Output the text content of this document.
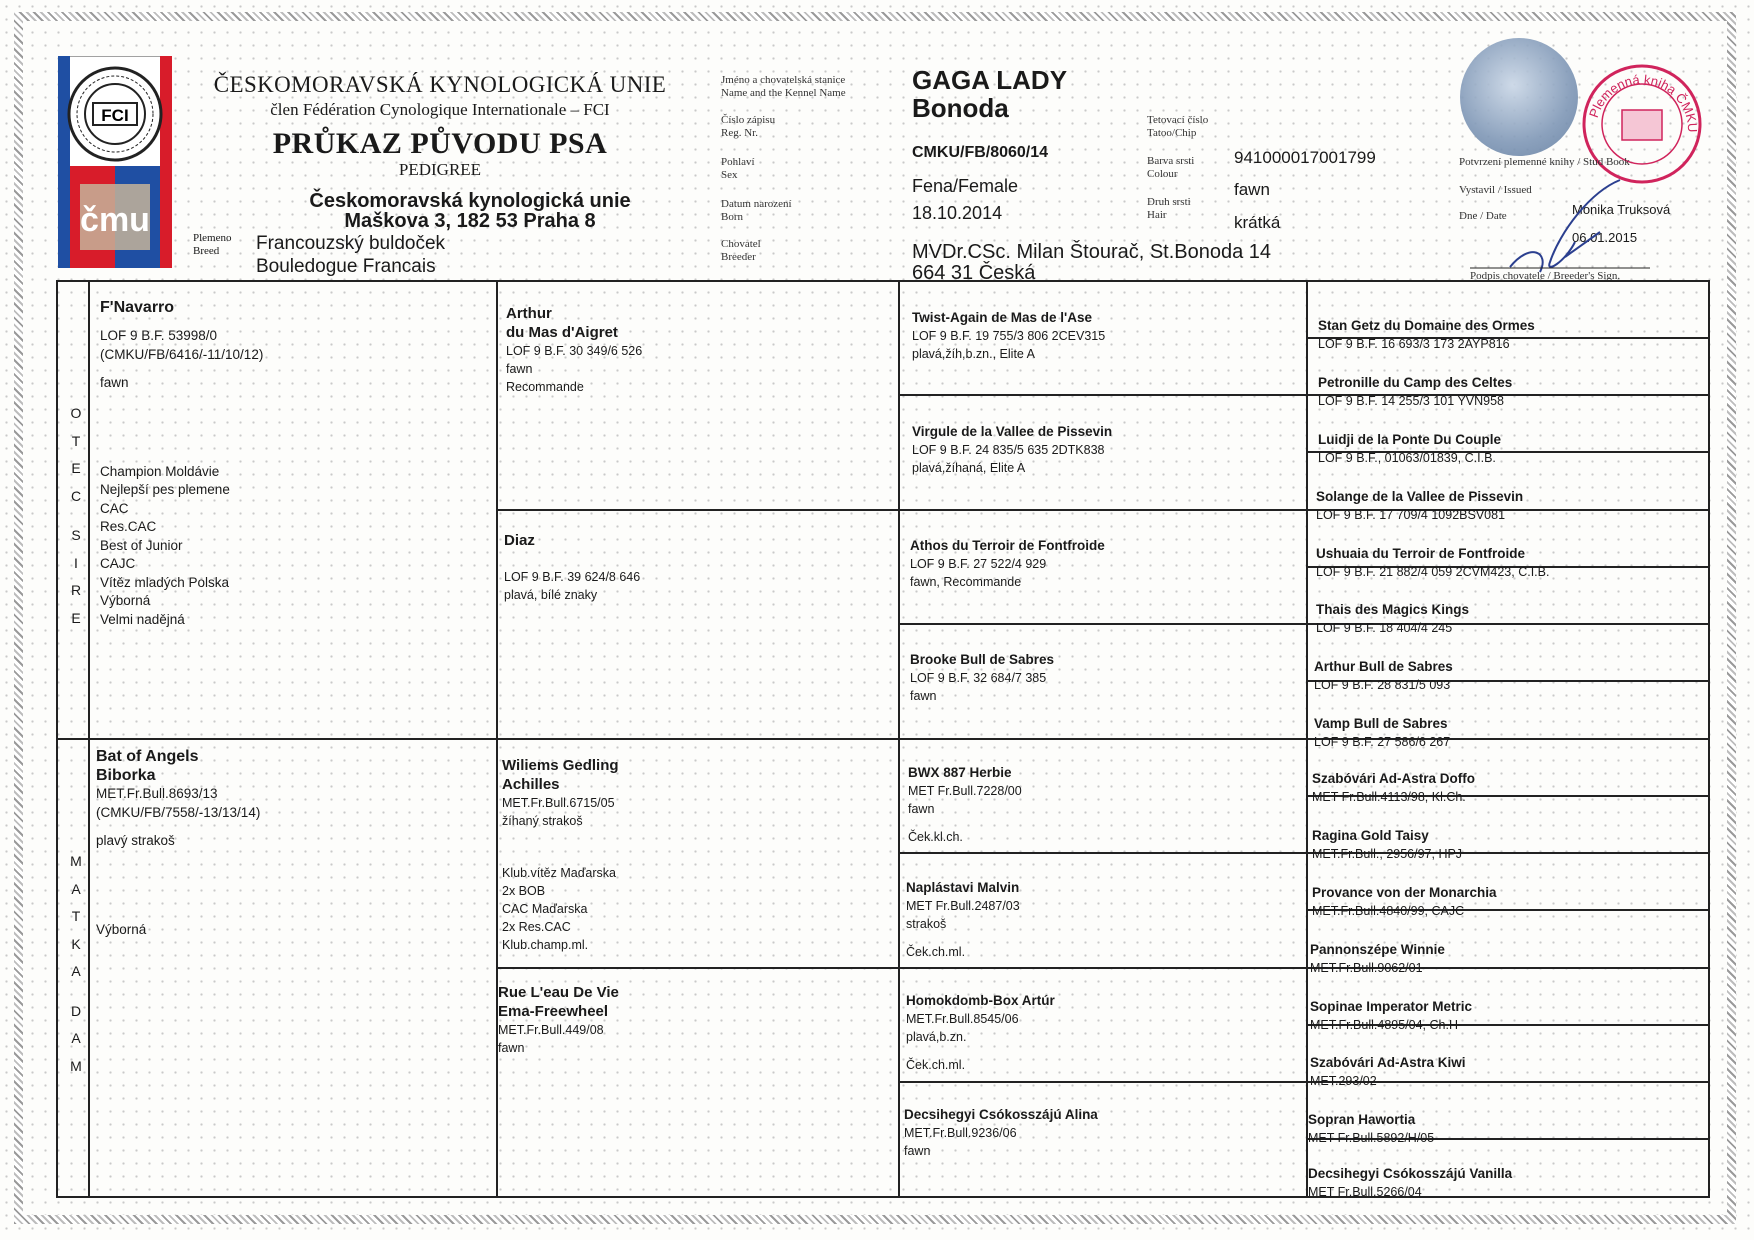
FCI
čmu
ČESKOMORAVSKÁ KYNOLOGICKÁ UNIE
člen Fédération Cynologique Internationale – FCI
PRŮKAZ PŮVODU PSA
PEDIGREE
Českomoravská kynologická unie
Maškova 3, 182 53 Praha 8
Plemeno
Breed	Francouzský buldoček
Bouledogue Francais
Jméno a chovatelská stanice
Name and the Kennel Name
Číslo zápisu
Reg. Nr.
Pohlaví
Sex
Datum narození
Born
Chovatel
Breeder
GAGA LADY
Bonoda
CMKU/FB/8060/14
Fena/Female
18.10.2014
MVDr.CSc. Milan Štourač, St.Bonoda 14
664 31 Česká
Tetovací číslo
Tatoo/Chip
Barva srsti
Colour
Druh srsti
Hair
941000017001799
fawn
krátká
Plemenná kniha ČMKU
Potvrzení plemenné knihy / Stud Book
Vystavil / Issued
Dne / Date	Monika Truksová
06.01.2015
Podpis chovatele / Breeder's Sign.
O
T
E
C
S
I
R
E
M
A
T
K
A
D
A
M
F'Navarro
LOF 9 B.F. 53998/0
(CMKU/FB/6416/-11/10/12)
fawn
Champion Moldávie
Nejlepší pes plemene
CAC
Res.CAC
Best of Junior
CAJC
Vítěz mladých Polska
Výborná
Velmi nadějná
Bat of Angels
Biborka
MET.Fr.Bull.8693/13
(CMKU/FB/7558/-13/13/14)
plavý strakoš
Výborná
Arthur
du Mas d'Aigret
LOF 9 B.F. 30 349/6 526
fawn
Recommande
Diaz
LOF 9 B.F. 39 624/8 646
plavá, bílé znaky
Wiliems Gedling
Achilles
MET.Fr.Bull.6715/05
žíhaný strakoš
Klub.vítěz Maďarska
2x BOB
CAC Maďarska
2x Res.CAC
Klub.champ.ml.
Rue L'eau De Vie
Ema-Freewheel
MET.Fr.Bull.449/08
fawn
Twist-Again de Mas de l'Ase
LOF 9 B.F. 19 755/3 806 2CEV315
plavá,žíh,b.zn., Elite A
Virgule de la Vallee de Pissevin
LOF 9 B.F. 24 835/5 635 2DTK838
plavá,žíhaná, Elite A
Athos du Terroir de Fontfroide
LOF 9 B.F. 27 522/4 929
fawn, Recommande
Brooke Bull de Sabres
LOF 9 B.F. 32 684/7 385
fawn
BWX 887 Herbie
MET Fr.Bull.7228/00
fawn
Ček.kl.ch.
Naplástavi Malvin
MET Fr.Bull.2487/03
strakoš
Ček.ch.ml.
Homokdomb-Box Artúr
MET.Fr.Bull.8545/06
plavá,b.zn.
Ček.ch.ml.
Decsihegyi Csókosszájú Alina
MET.Fr.Bull.9236/06
fawn
Stan Getz du Domaine des Ormes
LOF 9 B.F. 16 693/3 173 2AYP816
Petronille du Camp des Celtes
LOF 9 B.F. 14 255/3 101 YVN958
Luidji de la Ponte Du Couple
LOF 9 B.F., 01063/01839, C.I.B.
Solange de la Vallee de Pissevin
LOF 9 B.F. 17 709/4 1092BSV081
Ushuaia du Terroir de Fontfroide
LOF 9 B.F. 21 882/4 059 2CVM423, C.I.B.
Thais des Magics Kings
LOF 9 B.F. 18 404/4 245
Arthur Bull de Sabres
LOF 9 B.F. 28 831/5 093
Vamp Bull de Sabres
LOF 9 B.F. 27 586/6 267
Szabóvári Ad-Astra Doffo
MET Fr.Bull.4113/98, Kl.Ch.
Ragina Gold Taisy
MET.Fr.Bull., 2956/97, HPJ
Provance von der Monarchia
MET.Fr.Bull.4840/99, CAJC
Pannonszépe Winnie
MET.Fr.Bull.9062/01
Sopinae Imperator Metric
MET.Fr.Bull.4895/04, Ch.H
Szabóvári Ad-Astra Kiwi
MET.293/02
Sopran Hawortia
MET Fr.Bull.5892/H/05
Decsihegyi Csókosszájú Vanilla
MET Fr.Bull.5266/04
